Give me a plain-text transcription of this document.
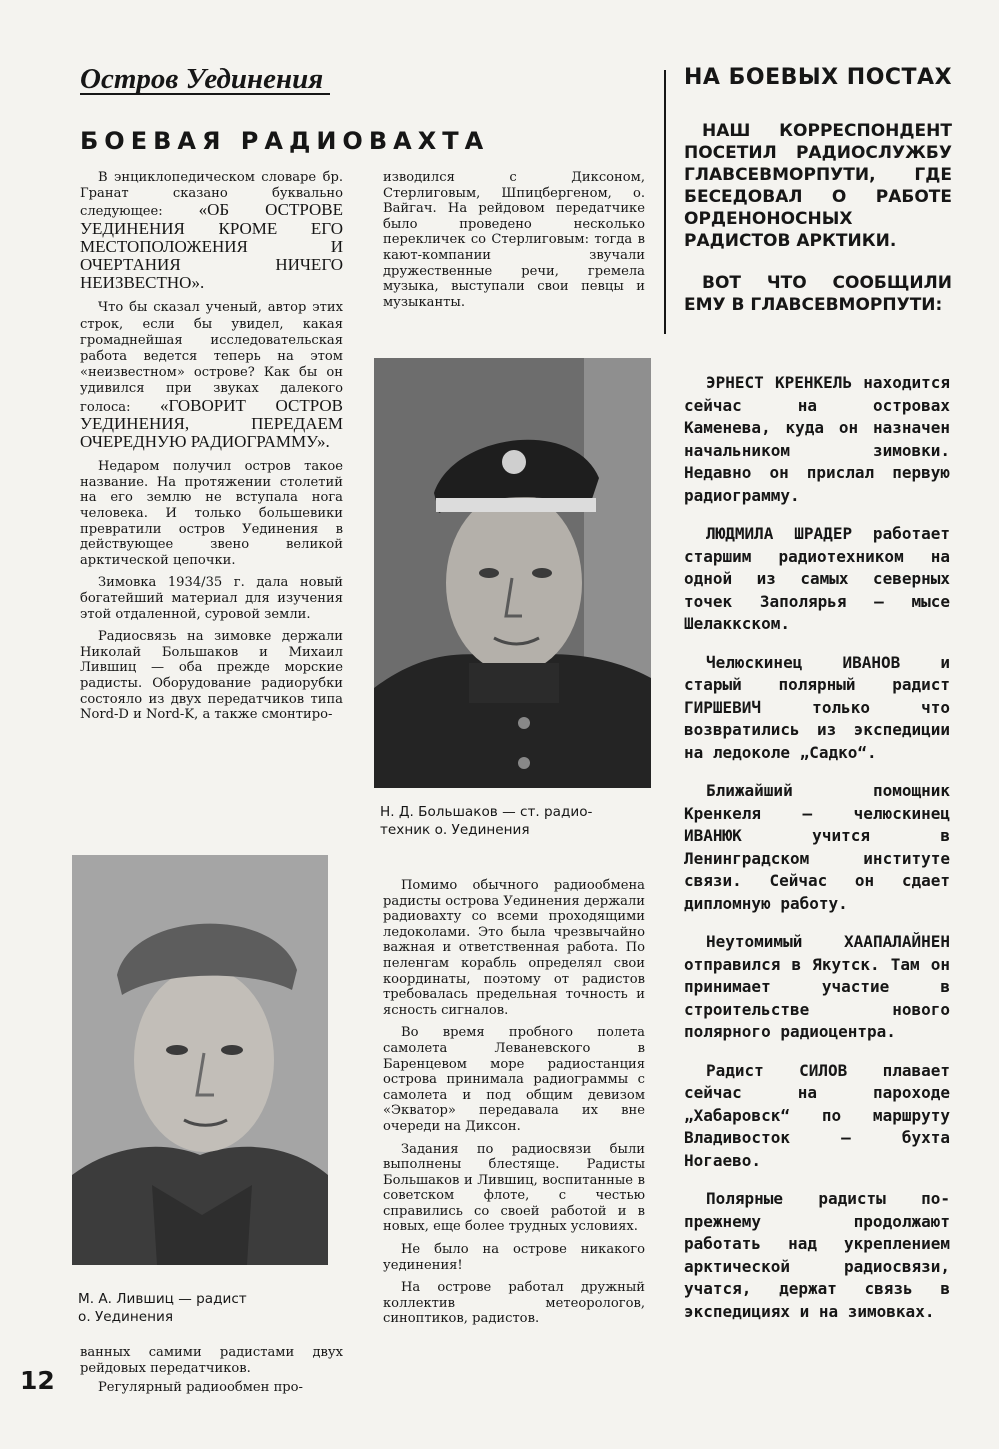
Остров Уединения
БОЕВАЯ РАДИОВАХТА

В энциклопедическом словаре бр. Гранат сказано буквально следующее: «ОБ ОСТРОВЕ УЕДИНЕНИЯ КРОМЕ ЕГО МЕСТОПОЛОЖЕНИЯ И ОЧЕРТАНИЯ НИЧЕГО НЕИЗВЕСТНО».

Что бы сказал ученый, автор этих строк, если бы увидел, какая громаднейшая исследовательская работа ведется теперь на этом «неизвестном» острове? Как бы он удивился при звуках далекого голоса: «ГОВОРИТ ОСТРОВ УЕДИНЕНИЯ, ПЕРЕДАЕМ ОЧЕРЕДНУЮ РАДИОГРАММУ».

Недаром получил остров такое название. На протяжении столетий на его землю не вступала нога человека. И только большевики превратили остров Уединения в действующее звено великой арктической цепочки.

Зимовка 1934/35 г. дала новый богатейший материал для изучения этой отдаленной, суровой земли.

Радиосвязь на зимовке держали Николай Большаков и Михаил Лившиц — оба прежде морские радисты. Оборудование радиорубки состояло из двух передатчиков типа Nord-D и Nord-K, а также смонтиро-

ванных самими радистами двух рейдовых передатчиков.

Регулярный радиообмен про-

изводился с Диксоном, Стерлиговым, Шпицбергеном, о. Вайгач. На рейдовом передатчике было проведено несколько перекличек со Стерлиговым: тогда в кают-компании звучали дружественные речи, гремела музыка, выступали свои певцы и музыканты.

Н. Д. Большаков — ст. радио-
техник о. Уединения
М. А. Лившиц — радист
о. Уединения

Помимо обычного радиообмена радисты острова Уединения держали радиовахту со всеми проходящими ледоколами. Это была чрезвычайно важная и ответственная работа. По пеленгам корабль определял свои координаты, поэтому от радистов требовалась предельная точность и ясность сигналов.

Во время пробного полета самолета Леваневского в Баренцевом море радиостанция острова принимала радиограммы с самолета и под общим девизом «Экватор» передавала их вне очереди на Диксон.

Задания по радиосвязи были выполнены блестяще. Радисты Большаков и Лившиц, воспитанные в советском флоте, с честью справились со своей работой и в новых, еще более трудных условиях.

Не было на острове никакого уединения!

На острове работал дружный коллектив метеорологов, синоптиков, радистов.

НА БОЕВЫХ ПОСТАХ

НАШ КОРРЕСПОНДЕНТ ПОСЕТИЛ РАДИОСЛУЖБУ ГЛАВСЕВМОРПУТИ, ГДЕ БЕСЕДОВАЛ О РАБОТЕ ОРДЕНОНОСНЫХ РАДИСТОВ АРКТИКИ.

ВОТ ЧТО СООБЩИЛИ ЕМУ В ГЛАВСЕВМОРПУТИ:

ЭРНЕСТ КРЕНКЕЛЬ находится сейчас на островах Каменева, куда он назначен начальником зимовки. Недавно он прислал первую радиограмму.

ЛЮДМИЛА ШРАДЕР работает старшим радиотехником на одной из самых северных точек Заполярья — мысе Шелаккском.

Челюскинец ИВАНОВ и старый полярный радист ГИРШЕВИЧ только что возвратились из экспедиции на ледоколе „Садко“.

Ближайший помощник Кренкеля — челюскинец ИВАНЮК учится в Ленинградском институте связи. Сейчас он сдает дипломную работу.

Неутомимый ХААПАЛАЙНЕН отправился в Якутск. Там он принимает участие в строительстве нового полярного радиоцентра.

Радист СИЛОВ плавает сейчас на пароходе „Хабаровск“ по маршруту Владивосток — бухта Ногаево.

Полярные радисты по-прежнему продолжают работать над укреплением арктической радиосвязи, учатся, держат связь в экспедициях и на зимовках.

12
